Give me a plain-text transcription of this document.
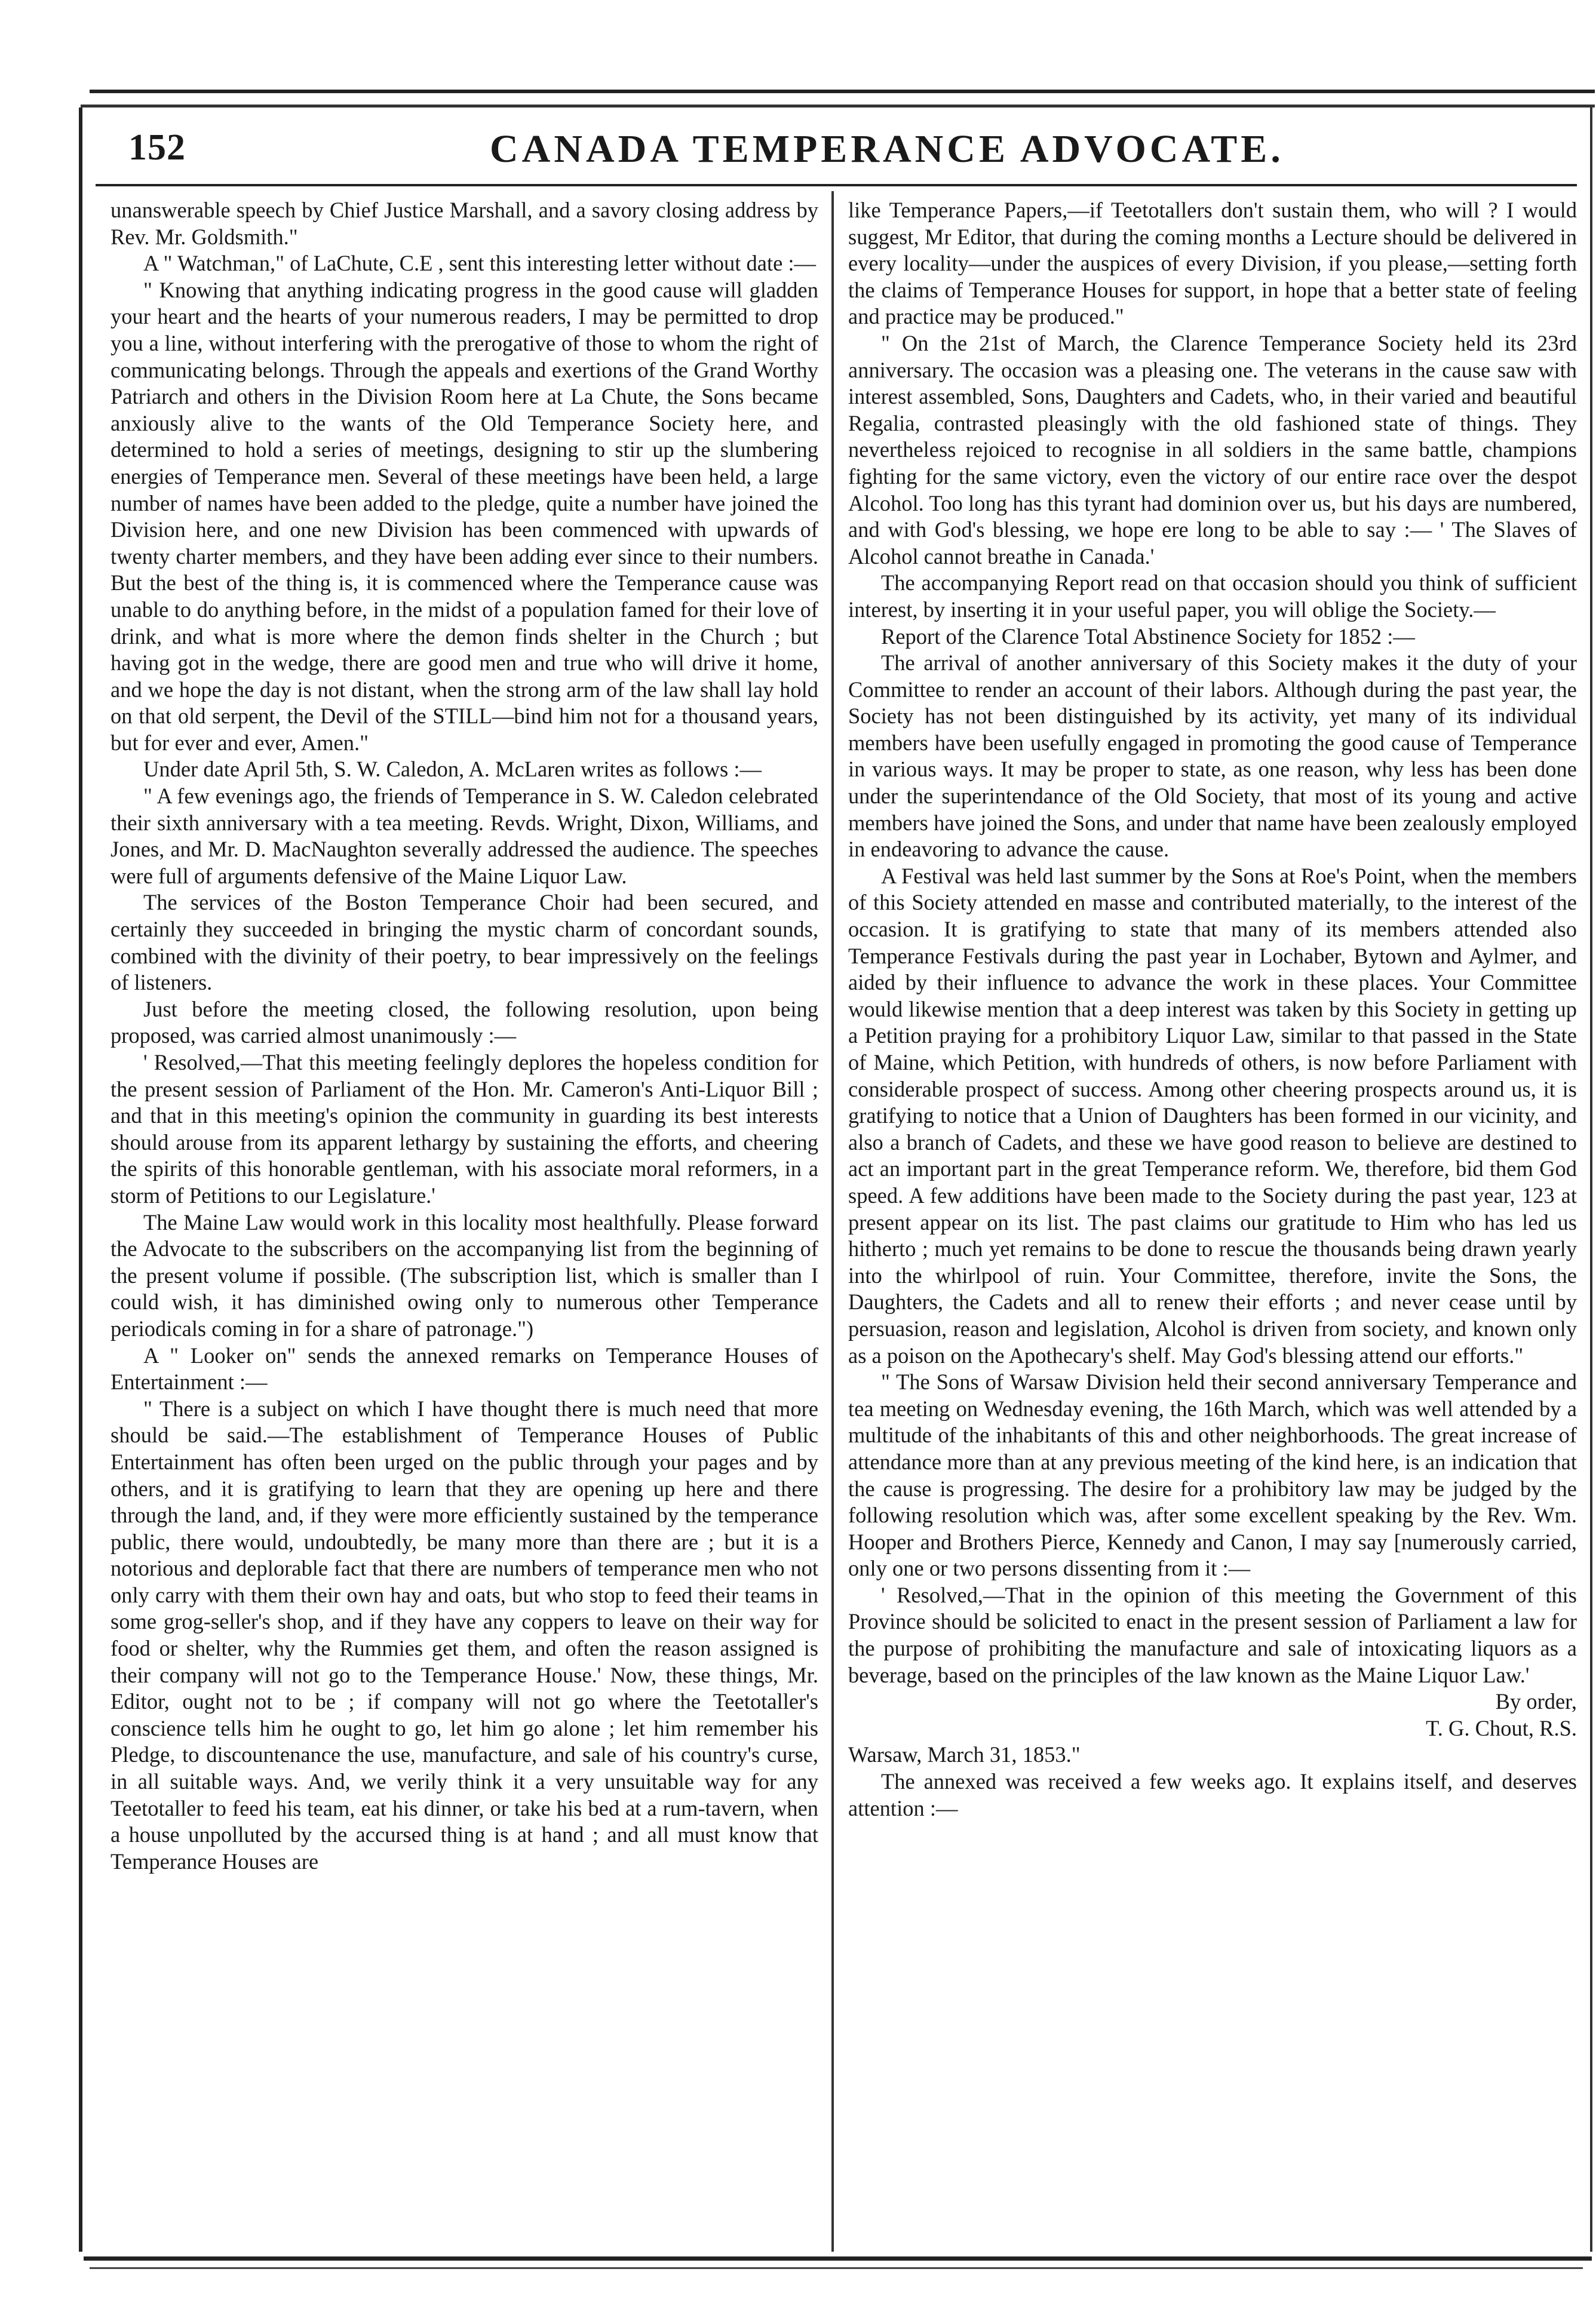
152	CANADA TEMPERANCE ADVOCATE.

unanswerable speech by Chief Justice Marshall, and a savory closing address by Rev. Mr. Goldsmith."

A " Watchman," of LaChute, C.E , sent this interesting letter without date :—

" Knowing that anything indicating progress in the good cause will gladden your heart and the hearts of your numerous readers, I may be permitted to drop you a line, without interfering with the prerogative of those to whom the right of communicating belongs. Through the appeals and exertions of the Grand Worthy Patriarch and others in the Division Room here at La Chute, the Sons became anxiously alive to the wants of the Old Temperance Society here, and determined to hold a series of meetings, designing to stir up the slumbering energies of Temperance men. Several of these meetings have been held, a large number of names have been added to the pledge, quite a number have joined the Division here, and one new Division has been commenced with upwards of twenty charter members, and they have been adding ever since to their numbers. But the best of the thing is, it is commenced where the Temperance cause was unable to do anything before, in the midst of a population famed for their love of drink, and what is more where the demon finds shelter in the Church ; but having got in the wedge, there are good men and true who will drive it home, and we hope the day is not distant, when the strong arm of the law shall lay hold on that old serpent, the Devil of the STILL—bind him not for a thousand years, but for ever and ever, Amen."

Under date April 5th, S. W. Caledon, A. McLaren writes as follows :—

" A few evenings ago, the friends of Temperance in S. W. Caledon celebrated their sixth anniversary with a tea meeting. Revds. Wright, Dixon, Williams, and Jones, and Mr. D. MacNaughton severally addressed the audience. The speeches were full of arguments defensive of the Maine Liquor Law.

The services of the Boston Temperance Choir had been secured, and certainly they succeeded in bringing the mystic charm of concordant sounds, combined with the divinity of their poetry, to bear impressively on the feelings of listeners.

Just before the meeting closed, the following resolution, upon being proposed, was carried almost unanimously :—

' Resolved,—That this meeting feelingly deplores the hopeless condition for the present session of Parliament of the Hon. Mr. Cameron's Anti-Liquor Bill ; and that in this meeting's opinion the community in guarding its best interests should arouse from its apparent lethargy by sustaining the efforts, and cheering the spirits of this honorable gentleman, with his associate moral reformers, in a storm of Petitions to our Legislature.'

The Maine Law would work in this locality most healthfully. Please forward the Advocate to the subscribers on the accompanying list from the beginning of the present volume if possible. (The subscription list, which is smaller than I could wish, it has diminished owing only to numerous other Temperance periodicals coming in for a share of patronage.")

A " Looker on" sends the annexed remarks on Temperance Houses of Entertainment :—

" There is a subject on which I have thought there is much need that more should be said.—The establishment of Temperance Houses of Public Entertainment has often been urged on the public through your pages and by others, and it is gratifying to learn that they are opening up here and there through the land, and, if they were more efficiently sustained by the temperance public, there would, undoubtedly, be many more than there are ; but it is a notorious and deplorable fact that there are numbers of temperance men who not only carry with them their own hay and oats, but who stop to feed their teams in some grog-seller's shop, and if they have any coppers to leave on their way for food or shelter, why the Rummies get them, and often the reason assigned is their company will not go to the Temperance House.' Now, these things, Mr. Editor, ought not to be ; if company will not go where the Teetotaller's conscience tells him he ought to go, let him go alone ; let him remember his Pledge, to discountenance the use, manufacture, and sale of his country's curse, in all suitable ways. And, we verily think it a very unsuitable way for any Teetotaller to feed his team, eat his dinner, or take his bed at a rum-tavern, when a house unpolluted by the accursed thing is at hand ; and all must know that Temperance Houses are

like Temperance Papers,—if Teetotallers don't sustain them, who will ? I would suggest, Mr Editor, that during the coming months a Lecture should be delivered in every locality—under the auspices of every Division, if you please,—setting forth the claims of Temperance Houses for support, in hope that a better state of feeling and practice may be produced."

" On the 21st of March, the Clarence Temperance Society held its 23rd anniversary. The occasion was a pleasing one. The veterans in the cause saw with interest assembled, Sons, Daughters and Cadets, who, in their varied and beautiful Regalia, contrasted pleasingly with the old fashioned state of things. They nevertheless rejoiced to recognise in all soldiers in the same battle, champions fighting for the same victory, even the victory of our entire race over the despot Alcohol. Too long has this tyrant had dominion over us, but his days are numbered, and with God's blessing, we hope ere long to be able to say :— ' The Slaves of Alcohol cannot breathe in Canada.'

The accompanying Report read on that occasion should you think of sufficient interest, by inserting it in your useful paper, you will oblige the Society.—

Report of the Clarence Total Abstinence Society for 1852 :—

The arrival of another anniversary of this Society makes it the duty of your Committee to render an account of their labors. Although during the past year, the Society has not been distinguished by its activity, yet many of its individual members have been usefully engaged in promoting the good cause of Temperance in various ways. It may be proper to state, as one reason, why less has been done under the superintendance of the Old Society, that most of its young and active members have joined the Sons, and under that name have been zealously employed in endeavoring to advance the cause.

A Festival was held last summer by the Sons at Roe's Point, when the members of this Society attended en masse and contributed materially, to the interest of the occasion. It is gratifying to state that many of its members attended also Temperance Festivals during the past year in Lochaber, Bytown and Aylmer, and aided by their influence to advance the work in these places. Your Committee would likewise mention that a deep interest was taken by this Society in getting up a Petition praying for a prohibitory Liquor Law, similar to that passed in the State of Maine, which Petition, with hundreds of others, is now before Parliament with considerable prospect of success. Among other cheering prospects around us, it is gratifying to notice that a Union of Daughters has been formed in our vicinity, and also a branch of Cadets, and these we have good reason to believe are destined to act an important part in the great Temperance reform. We, therefore, bid them God speed. A few additions have been made to the Society during the past year, 123 at present appear on its list. The past claims our gratitude to Him who has led us hitherto ; much yet remains to be done to rescue the thousands being drawn yearly into the whirlpool of ruin. Your Committee, therefore, invite the Sons, the Daughters, the Cadets and all to renew their efforts ; and never cease until by persuasion, reason and legislation, Alcohol is driven from society, and known only as a poison on the Apothecary's shelf. May God's blessing attend our efforts."

" The Sons of Warsaw Division held their second anniversary Temperance and tea meeting on Wednesday evening, the 16th March, which was well attended by a multitude of the inhabitants of this and other neighborhoods. The great increase of attendance more than at any previous meeting of the kind here, is an indication that the cause is progressing. The desire for a prohibitory law may be judged by the following resolution which was, after some excellent speaking by the Rev. Wm. Hooper and Brothers Pierce, Kennedy and Canon, I may say [numerously carried, only one or two persons dissenting from it :—

' Resolved,—That in the opinion of this meeting the Government of this Province should be solicited to enact in the present session of Parliament a law for the purpose of prohibiting the manufacture and sale of intoxicating liquors as a beverage, based on the principles of the law known as the Maine Liquor Law.'

By order,

T. G. Chout, R.S.

Warsaw, March 31, 1853."

The annexed was received a few weeks ago. It explains itself, and deserves attention :—
